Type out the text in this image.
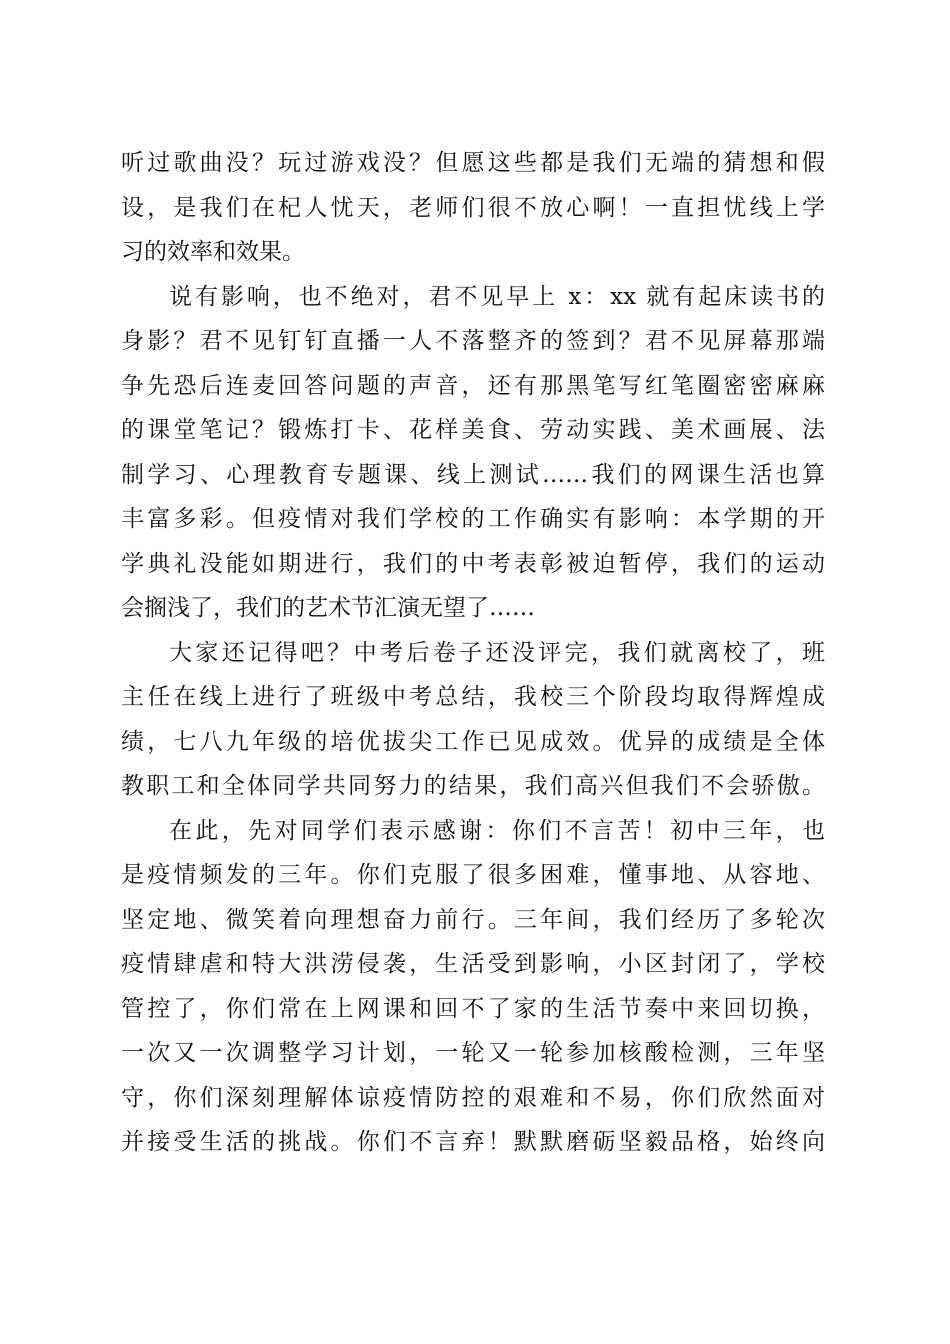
听过歌曲没？玩过游戏没？但愿这些都是我们无端的猜想和假
设，是我们在杞人忧天，老师们很不放心啊！一直担忧线上学
习的效率和效果。
说有影响，也不绝对，君不见早上 x：xx 就有起床读书的
身影？君不见钉钉直播一人不落整齐的签到？君不见屏幕那端
争先恐后连麦回答问题的声音，还有那黑笔写红笔圈密密麻麻
的课堂笔记？锻炼打卡、花样美食、劳动实践、美术画展、法
制学习、心理教育专题课、线上测试……我们的网课生活也算
丰富多彩。但疫情对我们学校的工作确实有影响：本学期的开
学典礼没能如期进行，我们的中考表彰被迫暂停，我们的运动
会搁浅了，我们的艺术节汇演无望了……
大家还记得吧？中考后卷子还没评完，我们就离校了，班
主任在线上进行了班级中考总结，我校三个阶段均取得辉煌成
绩，七八九年级的培优拔尖工作已见成效。优异的成绩是全体
教职工和全体同学共同努力的结果，我们高兴但我们不会骄傲。
在此，先对同学们表示感谢：你们不言苦！初中三年，也
是疫情频发的三年。你们克服了很多困难，懂事地、从容地、
坚定地、微笑着向理想奋力前行。三年间，我们经历了多轮次
疫情肆虐和特大洪涝侵袭，生活受到影响，小区封闭了，学校
管控了，你们常在上网课和回不了家的生活节奏中来回切换，
一次又一次调整学习计划，一轮又一轮参加核酸检测，三年坚
守，你们深刻理解体谅疫情防控的艰难和不易，你们欣然面对
并接受生活的挑战。你们不言弃！默默磨砺坚毅品格，始终向
